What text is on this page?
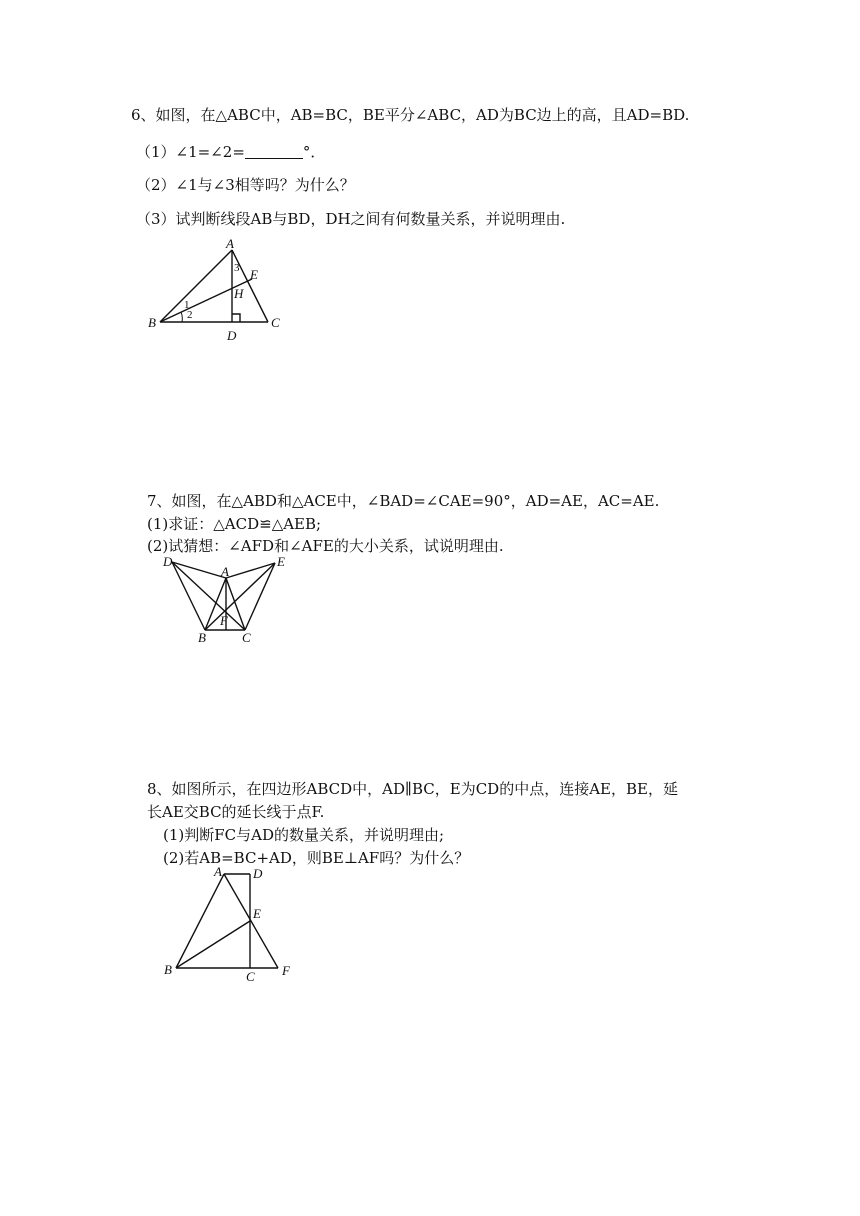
6、如图，在△ABC中，AB=BC，BE平分∠ABC，AD为BC边上的高，且AD=BD.
（1）∠1=∠2=	°．
（2）∠1与∠3相等吗？为什么？
（3）试判断线段AB与BD，DH之间有何数量关系，并说明理由.
A
B	C
D
E
H
1
2
3
7、如图，在△ABD和△ACE中，∠BAD=∠CAE=90°，AD=AE，AC=AE.
(1)求证：△ACD≌△AEB;
(2)试猜想：∠AFD和∠AFE的大小关系，试说明理由.
D
A
E
F
B	C
8、如图所示，在四边形ABCD中，AD∥BC，E为CD的中点，连接AE，BE，延
长AE交BC的延长线于点F.
(1)判断FC与AD的数量关系，并说明理由;
(2)若AB=BC+AD，则BE⊥AF吗？为什么？
A D
E
B	C F
